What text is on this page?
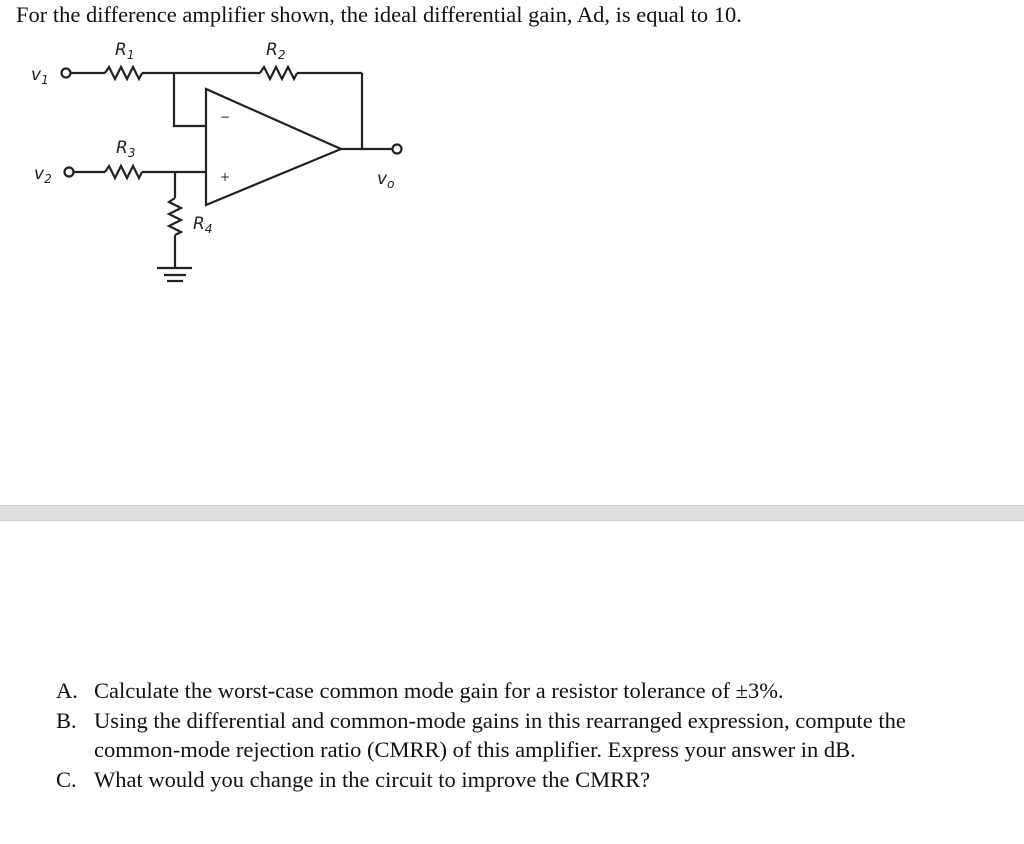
For the difference amplifier shown, the ideal differential gain, Ad, is equal to 10.
−
+
$v_1$
$v_2$	$v_o$
$R_1$	$R_2$
$R_3$
$R_4$
A. Calculate the worst-case common mode gain for a resistor tolerance of ±3%.
B. Using the differential and common-mode gains in this rearranged expression, compute the common-mode rejection ratio (CMRR) of this amplifier. Express your answer in dB.
C. What would you change in the circuit to improve the CMRR?
